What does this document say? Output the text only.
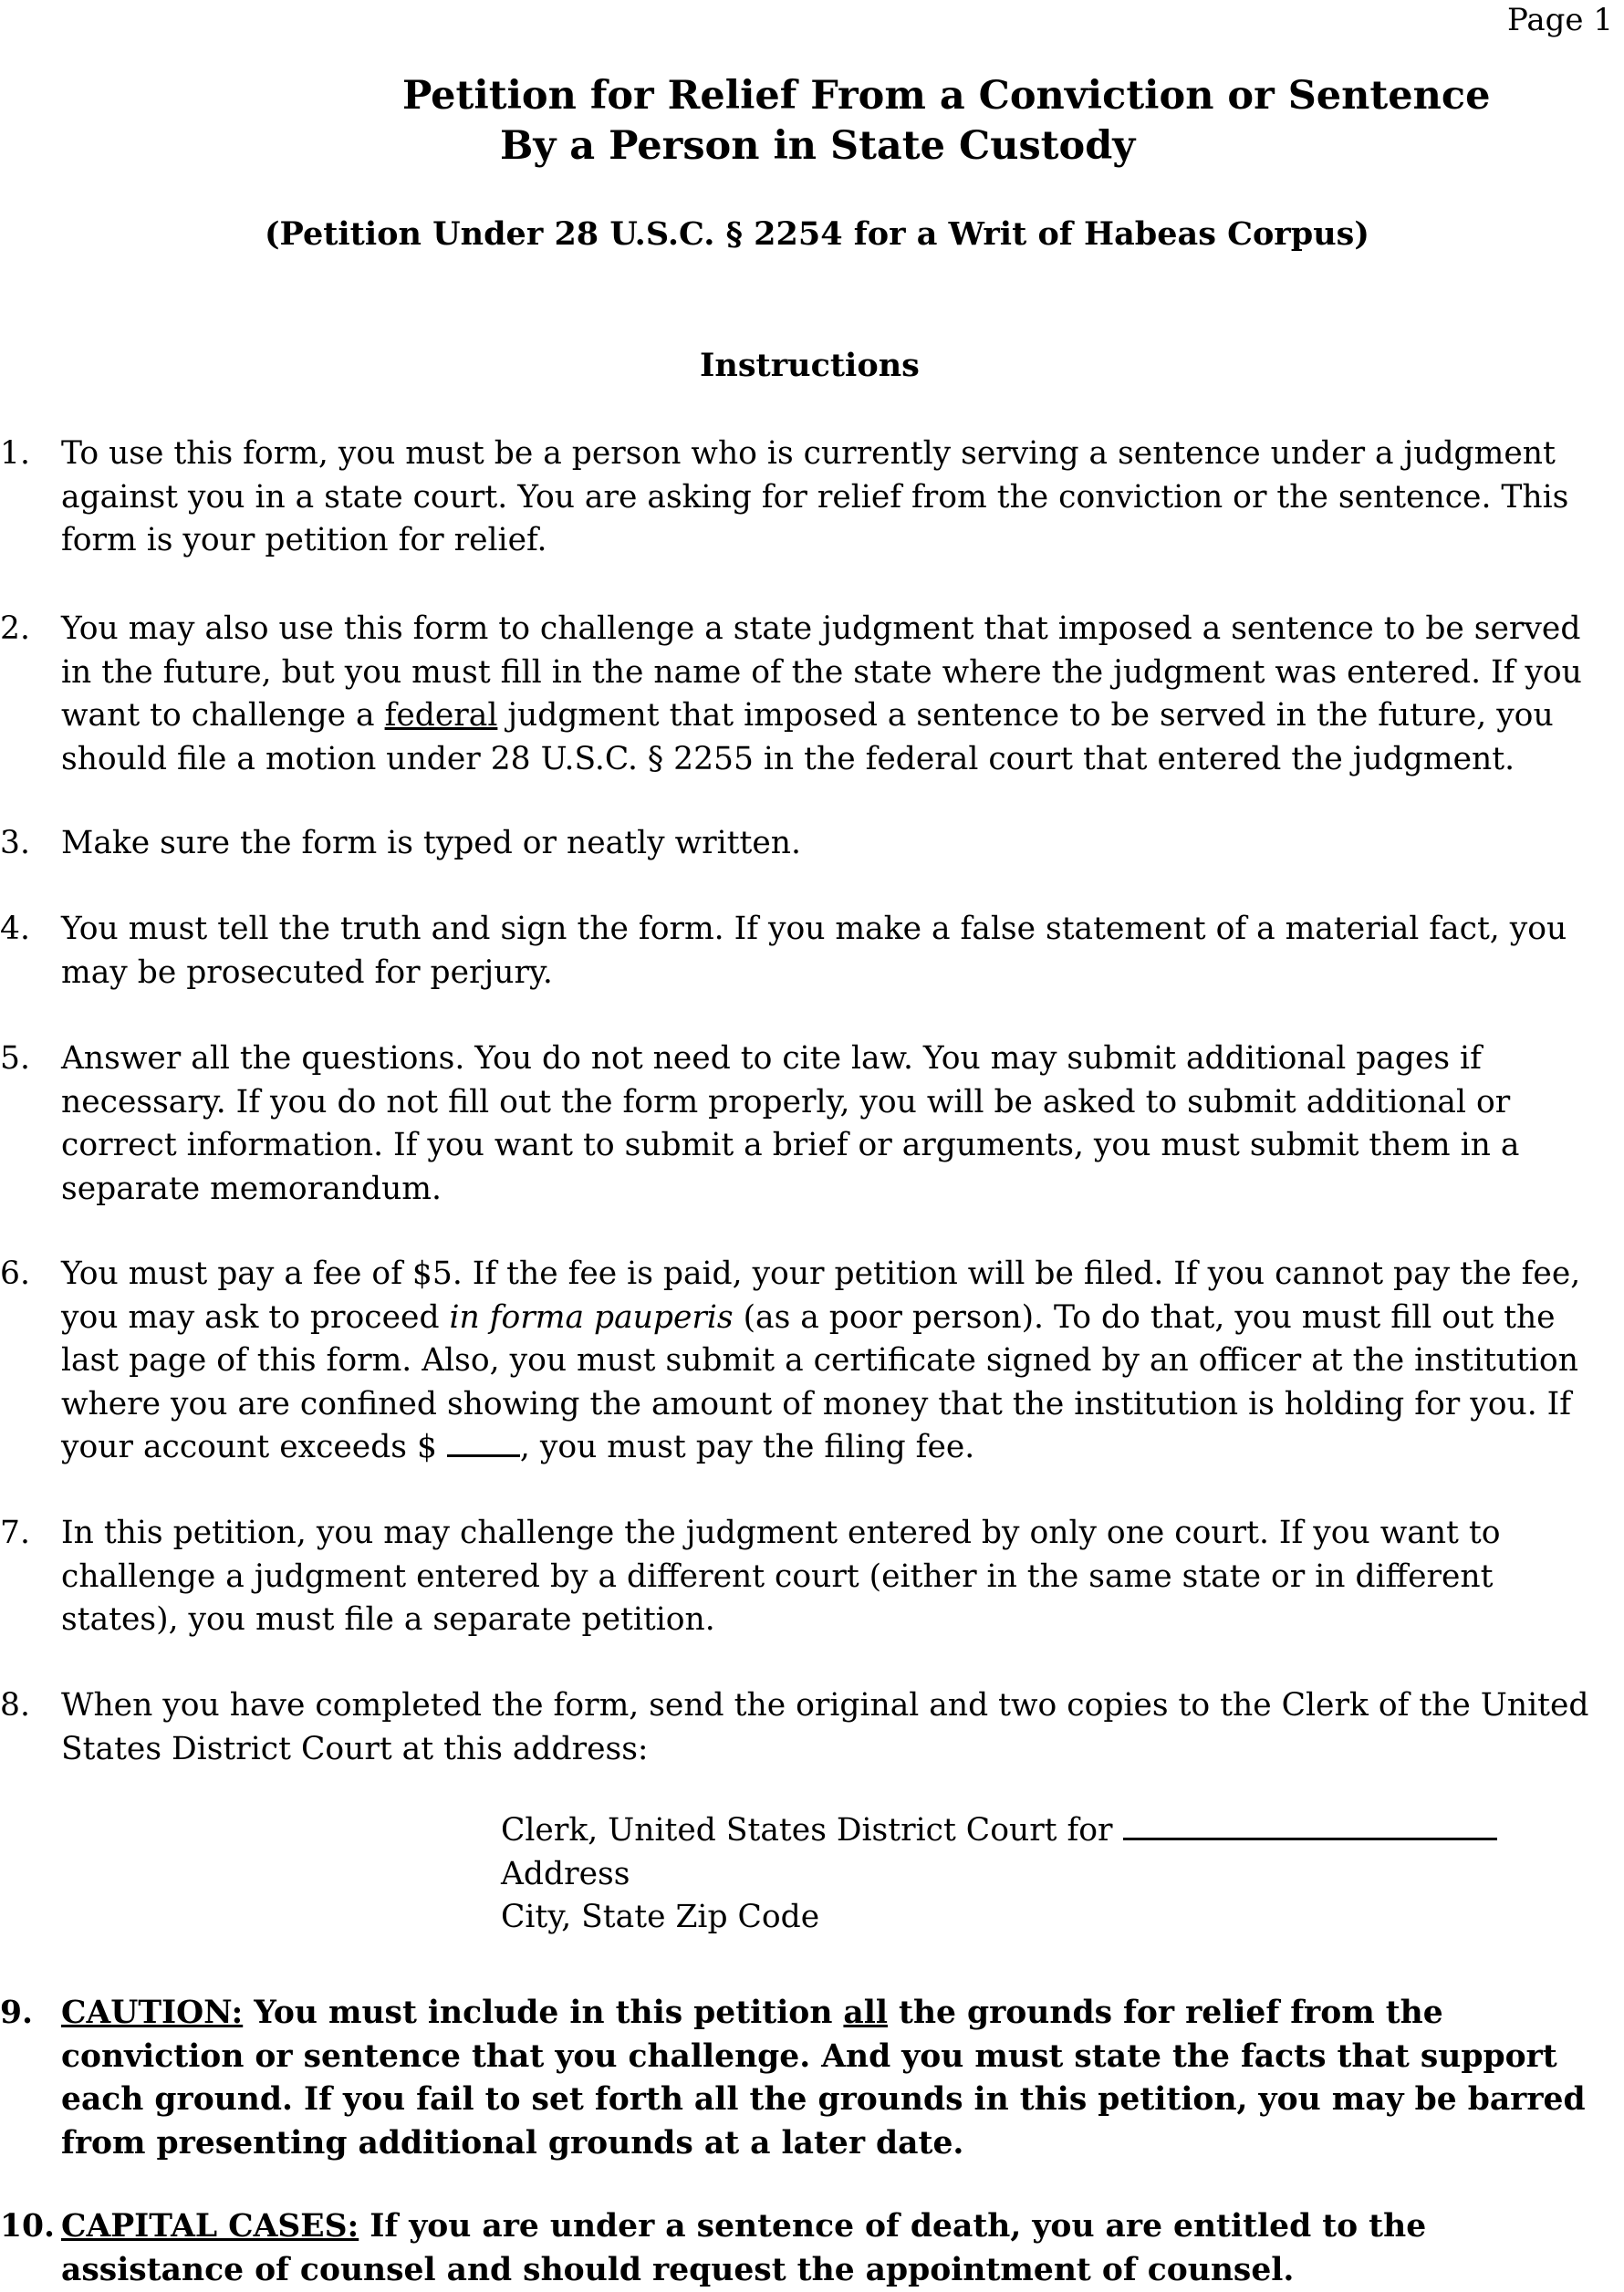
Page 1
Petition for Relief From a Conviction or Sentence
By a Person in State Custody
(Petition Under 28 U.S.C. § 2254 for a Writ of Habeas Corpus)
Instructions
1. To use this form, you must be a person who is currently serving a sentence under a judgment against you in a state court. You are asking for relief from the conviction or the sentence. This form is your petition for relief.
2. You may also use this form to challenge a state judgment that imposed a sentence to be served in the future, but you must fill in the name of the state where the judgment was entered. If you want to challenge a federal judgment that imposed a sentence to be served in the future, you should file a motion under 28 U.S.C. § 2255 in the federal court that entered the judgment.
3. Make sure the form is typed or neatly written.
4. You must tell the truth and sign the form. If you make a false statement of a material fact, you may be prosecuted for perjury.
5. Answer all the questions. You do not need to cite law. You may submit additional pages if necessary. If you do not fill out the form properly, you will be asked to submit additional or correct information. If you want to submit a brief or arguments, you must submit them in a separate memorandum.
6. You must pay a fee of $5. If the fee is paid, your petition will be filed. If you cannot pay the fee, you may ask to proceed in forma pauperis (as a poor person). To do that, you must fill out the last page of this form. Also, you must submit a certificate signed by an officer at the institution where you are confined showing the amount of money that the institution is holding for you. If your account exceeds $ , you must pay the filing fee.
7. In this petition, you may challenge the judgment entered by only one court. If you want to challenge a judgment entered by a different court (either in the same state or in different states), you must file a separate petition.
8. When you have completed the form, send the original and two copies to the Clerk of the United States District Court at this address:
Clerk, United States District Court for
Address
City, State Zip Code
9. CAUTION: You must include in this petition all the grounds for relief from the conviction or sentence that you challenge. And you must state the facts that support each ground. If you fail to set forth all the grounds in this petition, you may be barred from presenting additional grounds at a later date.
10. CAPITAL CASES: If you are under a sentence of death, you are entitled to the assistance of counsel and should request the appointment of counsel.
